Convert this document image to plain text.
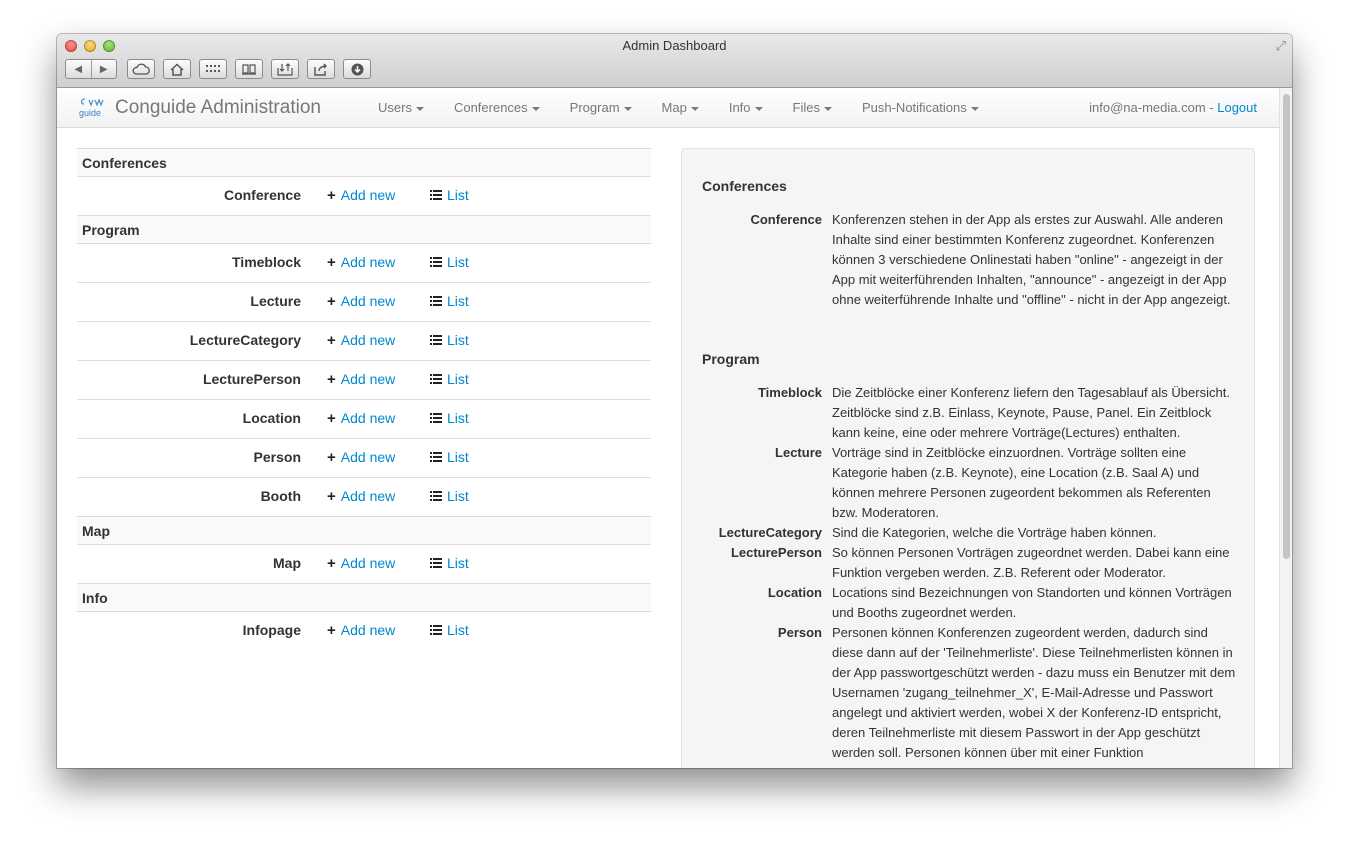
Admin Dashboard	⤢
◀	▶
guide Conguide Administration	Users	Conferences	Program	Map	Info	Files	Push-Notifications	info@na-media.com - Logout
Conferences
Conference + Add new	List
Program
Timeblock + Add new	List
Lecture + Add new	List
LectureCategory + Add new	List
LecturePerson + Add new	List
Location + Add new	List
Person + Add new	List
Booth + Add new	List
Map
Map + Add new	List
Info
Infopage + Add new	List
Conferences
Conference Konferenzen stehen in der App als erstes zur Auswahl. Alle anderen Inhalte sind einer bestimmten Konferenz zugeordnet. Konferenzen können 3 verschiedene Onlinestati haben "online" - angezeigt in der App mit weiterführenden Inhalten, "announce" - angezeigt in der App ohne weiterführende Inhalte und "offline" - nicht in der App angezeigt.
Program
Timeblock Die Zeitblöcke einer Konferenz liefern den Tagesablauf als Übersicht. Zeitblöcke sind z.B. Einlass, Keynote, Pause, Panel. Ein Zeitblock kann keine, eine oder mehrere Vorträge(Lectures) enthalten.
Lecture Vorträge sind in Zeitblöcke einzuordnen. Vorträge sollten eine Kategorie haben (z.B. Keynote), eine Location (z.B. Saal A) und können mehrere Personen zugeordent bekommen als Referenten bzw. Moderatoren.
LectureCategory Sind die Kategorien, welche die Vorträge haben können.
LecturePerson So können Personen Vorträgen zugeordnet werden. Dabei kann eine Funktion vergeben werden. Z.B. Referent oder Moderator.
Location Locations sind Bezeichnungen von Standorten und können Vorträgen und Booths zugeordnet werden.
Person Personen können Konferenzen zugeordent werden, dadurch sind diese dann auf der 'Teilnehmerliste'. Diese Teilnehmerlisten können in der App passwortgeschützt werden - dazu muss ein Benutzer mit dem Usernamen 'zugang_teilnehmer_X', E-Mail-Adresse und Passwort angelegt und aktiviert werden, wobei X der Konferenz-ID entspricht, deren Teilnehmerliste mit diesem Passwort in der App geschützt werden soll. Personen können über mit einer Funktion
